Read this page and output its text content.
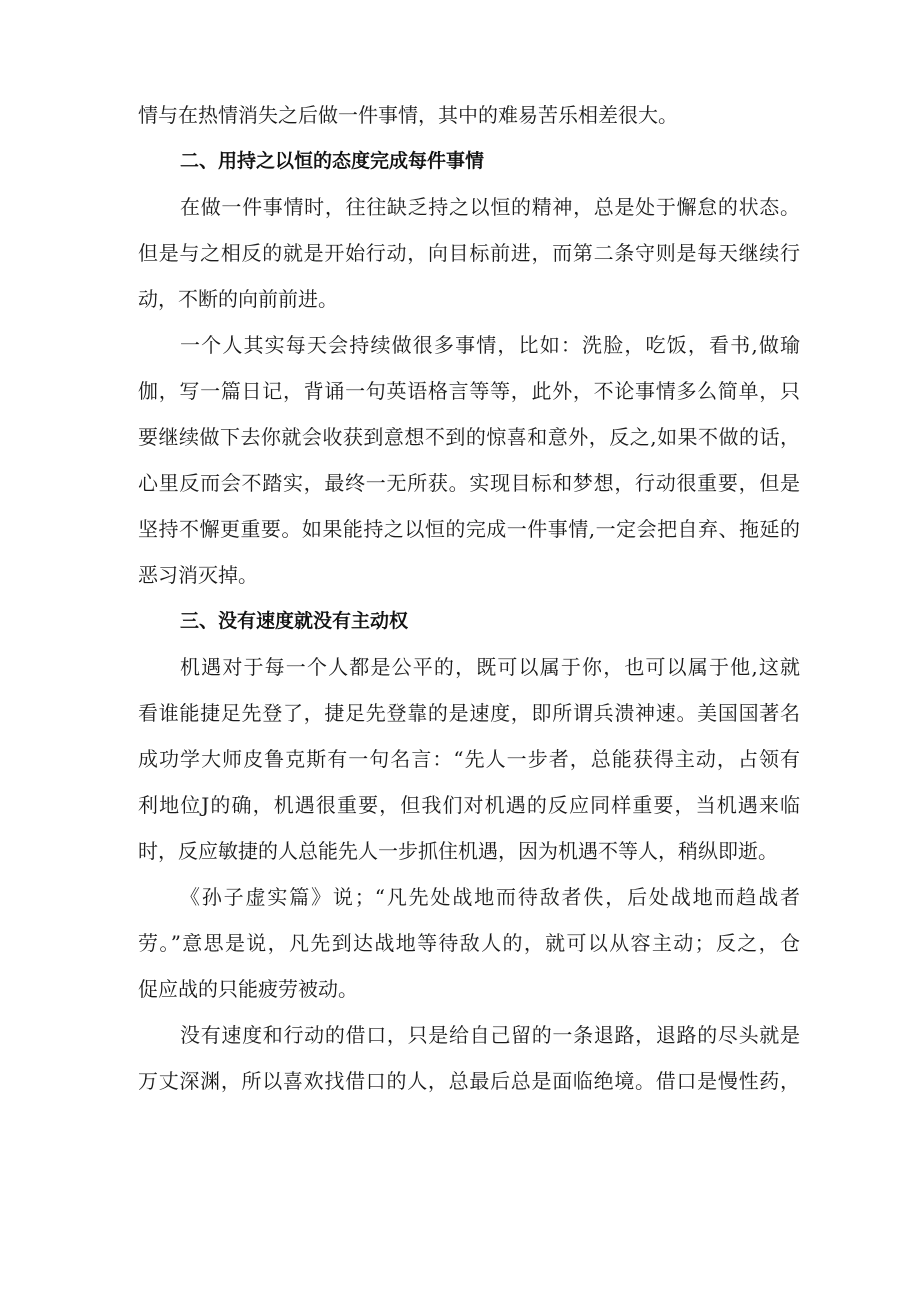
情与在热情消失之后做一件事情，其中的难易苦乐相差很大。

二、用持之以恒的态度完成每件事情

在做一件事情时，往往缺乏持之以恒的精神，总是处于懈怠的状态。

但是与之相反的就是开始行动，向目标前进，而第二条守则是每天继续行

动，不断的向前前进。

一个人其实每天会持续做很多事情，比如：洗脸，吃饭，看书,做瑜

伽，写一篇日记，背诵一句英语格言等等，此外，不论事情多么简单，只

要继续做下去你就会收获到意想不到的惊喜和意外，反之,如果不做的话，

心里反而会不踏实，最终一无所获。实现目标和梦想，行动很重要，但是

坚持不懈更重要。如果能持之以恒的完成一件事情,一定会把自弃、拖延的

恶习消灭掉。

三、没有速度就没有主动权

机遇对于每一个人都是公平的，既可以属于你，也可以属于他,这就

看谁能捷足先登了，捷足先登靠的是速度，即所谓兵溃神速。美国国著名

成功学大师皮鲁克斯有一句名言：“先人一步者，总能获得主动，占领有

利地位J的确，机遇很重要，但我们对机遇的反应同样重要，当机遇来临

时，反应敏捷的人总能先人一步抓住机遇，因为机遇不等人，稍纵即逝。

《孙子虚实篇》说；“凡先处战地而待敌者佚，后处战地而趋战者

劳。”意思是说，凡先到达战地等待敌人的，就可以从容主动；反之，仓

促应战的只能疲劳被动。

没有速度和行动的借口，只是给自己留的一条退路，退路的尽头就是

万丈深渊，所以喜欢找借口的人，总最后总是面临绝境。借口是慢性药，
